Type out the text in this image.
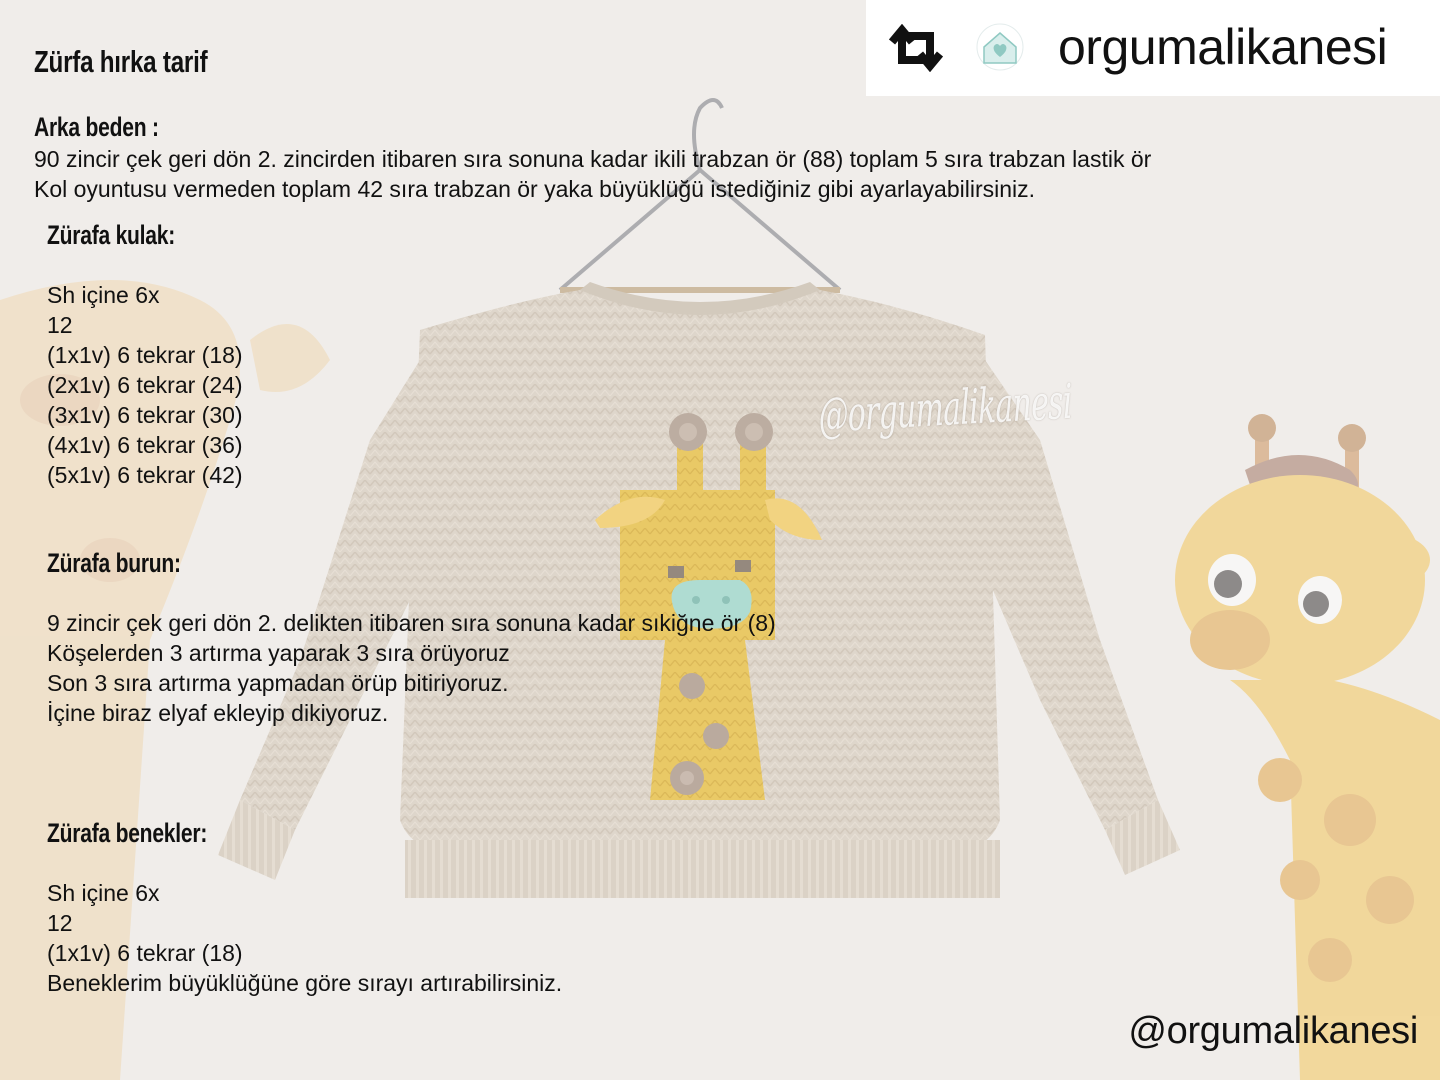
orgumalikanesi
Zürfa hırka tarif
Arka beden :
90 zincir çek geri dön 2. zincirden itibaren sıra sonuna kadar ikili trabzan ör (88) toplam 5 sıra trabzan lastik ör
Kol oyuntusu vermeden toplam 42 sıra trabzan ör yaka büyüklüğü istediğiniz gibi ayarlayabilirsiniz.
Zürafa kulak:
Sh içine 6x
12
(1x1v) 6 tekrar (18)
(2x1v) 6 tekrar (24)
(3x1v) 6 tekrar (30)
(4x1v) 6 tekrar (36)
(5x1v) 6 tekrar (42)
Zürafa burun:
9 zincir çek geri dön 2. delikten itibaren sıra sonuna kadar sıkiğne ör (8)
Köşelerden 3 artırma yaparak 3 sıra örüyoruz
Son 3 sıra artırma yapmadan örüp bitiriyoruz.
İçine biraz elyaf ekleyip dikiyoruz.
Zürafa benekler:
Sh içine 6x
12
(1x1v) 6 tekrar (18)
Beneklerim büyüklüğüne göre sırayı artırabilirsiniz.
@orgumalikanesi
@orgumalikanesi
